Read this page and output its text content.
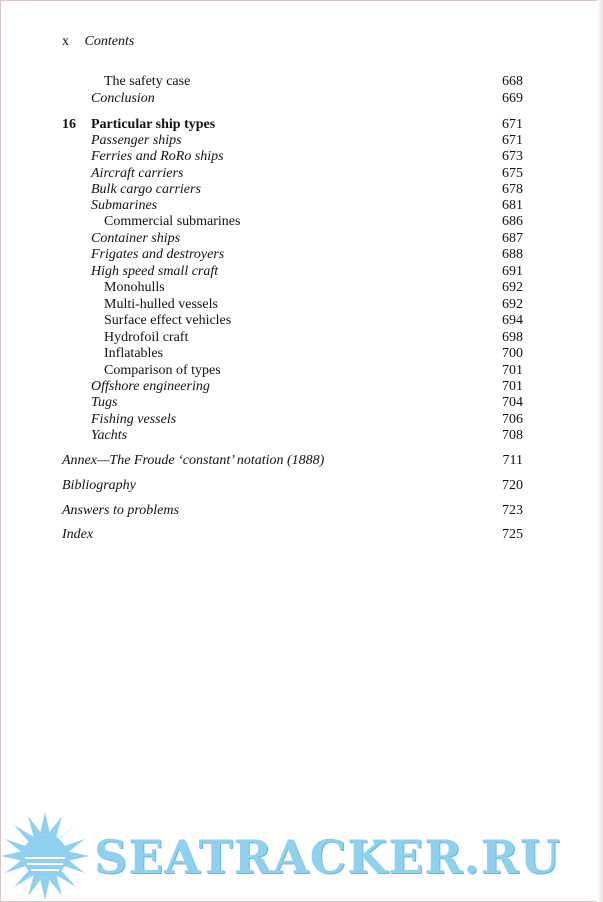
x Contents
The safety case	668
Conclusion	669
16 Particular ship types	671
Passenger ships	671
Ferries and RoRo ships	673
Aircraft carriers	675
Bulk cargo carriers	678
Submarines	681
Commercial submarines	686
Container ships	687
Frigates and destroyers	688
High speed small craft	691
Monohulls	692
Multi-hulled vessels	692
Surface effect vehicles	694
Hydrofoil craft	698
Inflatables	700
Comparison of types	701
Offshore engineering	701
Tugs	704
Fishing vessels	706
Yachts	708
Annex—The Froude ‘constant’ notation (1888)	711
Bibliography	720
Answers to problems	723
Index	725
SEATRACKER.RU
